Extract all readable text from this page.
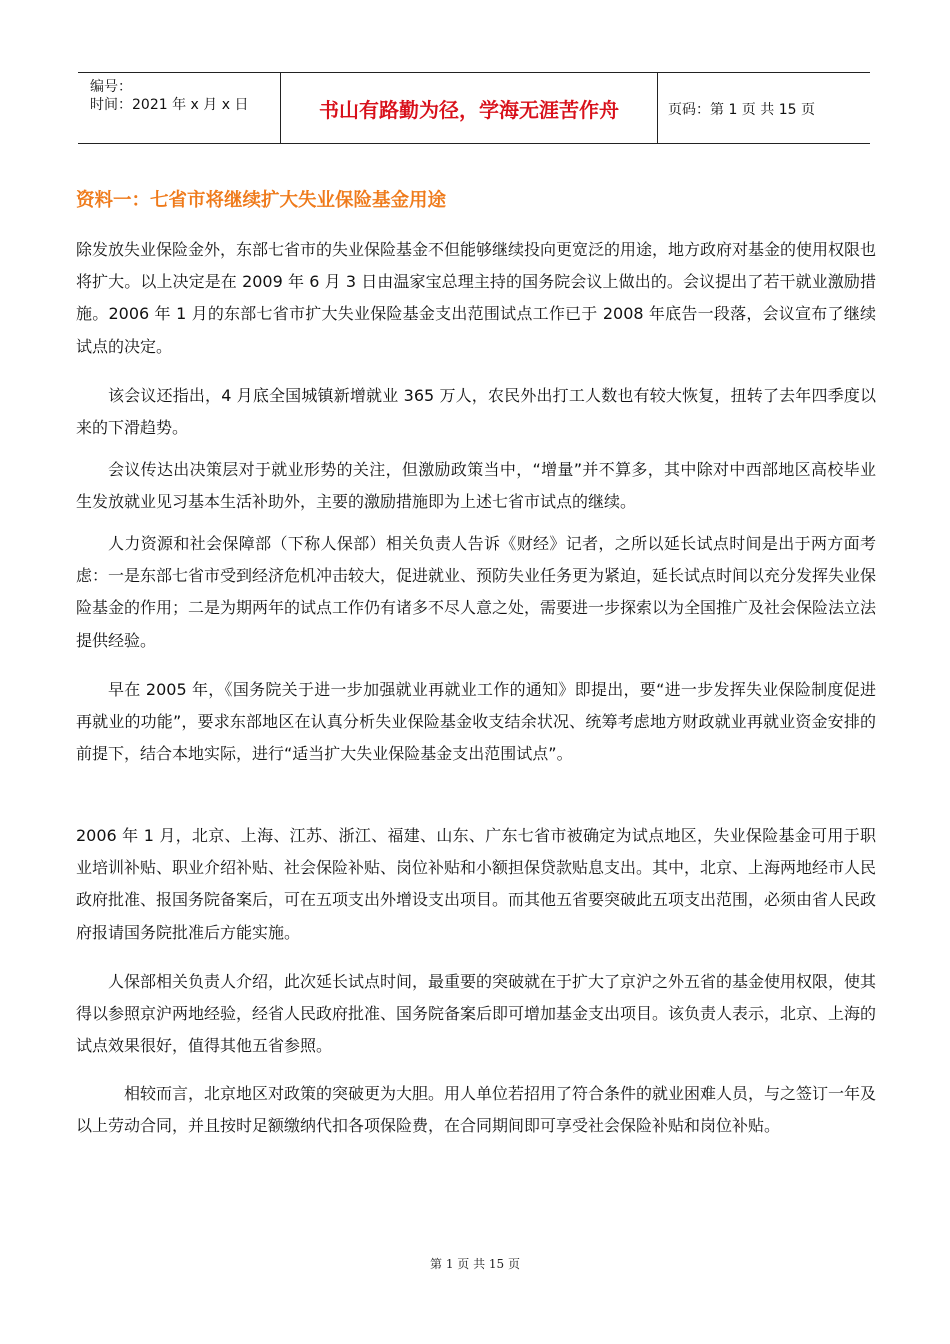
编号：
时间：2021 年 x 月 x 日	书山有路勤为径，学海无涯苦作舟	页码：第 1 页 共 15 页
资料一：七省市将继续扩大失业保险基金用途

除发放失业保险金外，东部七省市的失业保险基金不但能够继续投向更宽泛的用途，地方政府对基金的使用权限也将扩大。以上决定是在 2009 年 6 月 3 日由温家宝总理主持的国务院会议上做出的。会议提出了若干就业激励措施。2006 年 1 月的东部七省市扩大失业保险基金支出范围试点工作已于 2008 年底告一段落，会议宣布了继续试点的决定。

该会议还指出，4 月底全国城镇新增就业 365 万人，农民外出打工人数也有较大恢复，扭转了去年四季度以来的下滑趋势。

会议传达出决策层对于就业形势的关注，但激励政策当中，“增量”并不算多，其中除对中西部地区高校毕业生发放就业见习基本生活补助外，主要的激励措施即为上述七省市试点的继续。

人力资源和社会保障部（下称人保部）相关负责人告诉《财经》记者，之所以延长试点时间是出于两方面考虑：一是东部七省市受到经济危机冲击较大，促进就业、预防失业任务更为紧迫，延长试点时间以充分发挥失业保险基金的作用；二是为期两年的试点工作仍有诸多不尽人意之处，需要进一步探索以为全国推广及社会保险法立法提供经验。

早在 2005 年，《国务院关于进一步加强就业再就业工作的通知》即提出，要“进一步发挥失业保险制度促进再就业的功能”，要求东部地区在认真分析失业保险基金收支结余状况、统筹考虑地方财政就业再就业资金安排的前提下，结合本地实际，进行“适当扩大失业保险基金支出范围试点”。

2006 年 1 月，北京、上海、江苏、浙江、福建、山东、广东七省市被确定为试点地区，失业保险基金可用于职业培训补贴、职业介绍补贴、社会保险补贴、岗位补贴和小额担保贷款贴息支出。其中，北京、上海两地经市人民政府批准、报国务院备案后，可在五项支出外增设支出项目。而其他五省要突破此五项支出范围，必须由省人民政府报请国务院批准后方能实施。

人保部相关负责人介绍，此次延长试点时间，最重要的突破就在于扩大了京沪之外五省的基金使用权限，使其得以参照京沪两地经验，经省人民政府批准、国务院备案后即可增加基金支出项目。该负责人表示，北京、上海的试点效果很好，值得其他五省参照。

相较而言，北京地区对政策的突破更为大胆。用人单位若招用了符合条件的就业困难人员，与之签订一年及以上劳动合同，并且按时足额缴纳代扣各项保险费，在合同期间即可享受社会保险补贴和岗位补贴。

第 1 页 共 15 页
